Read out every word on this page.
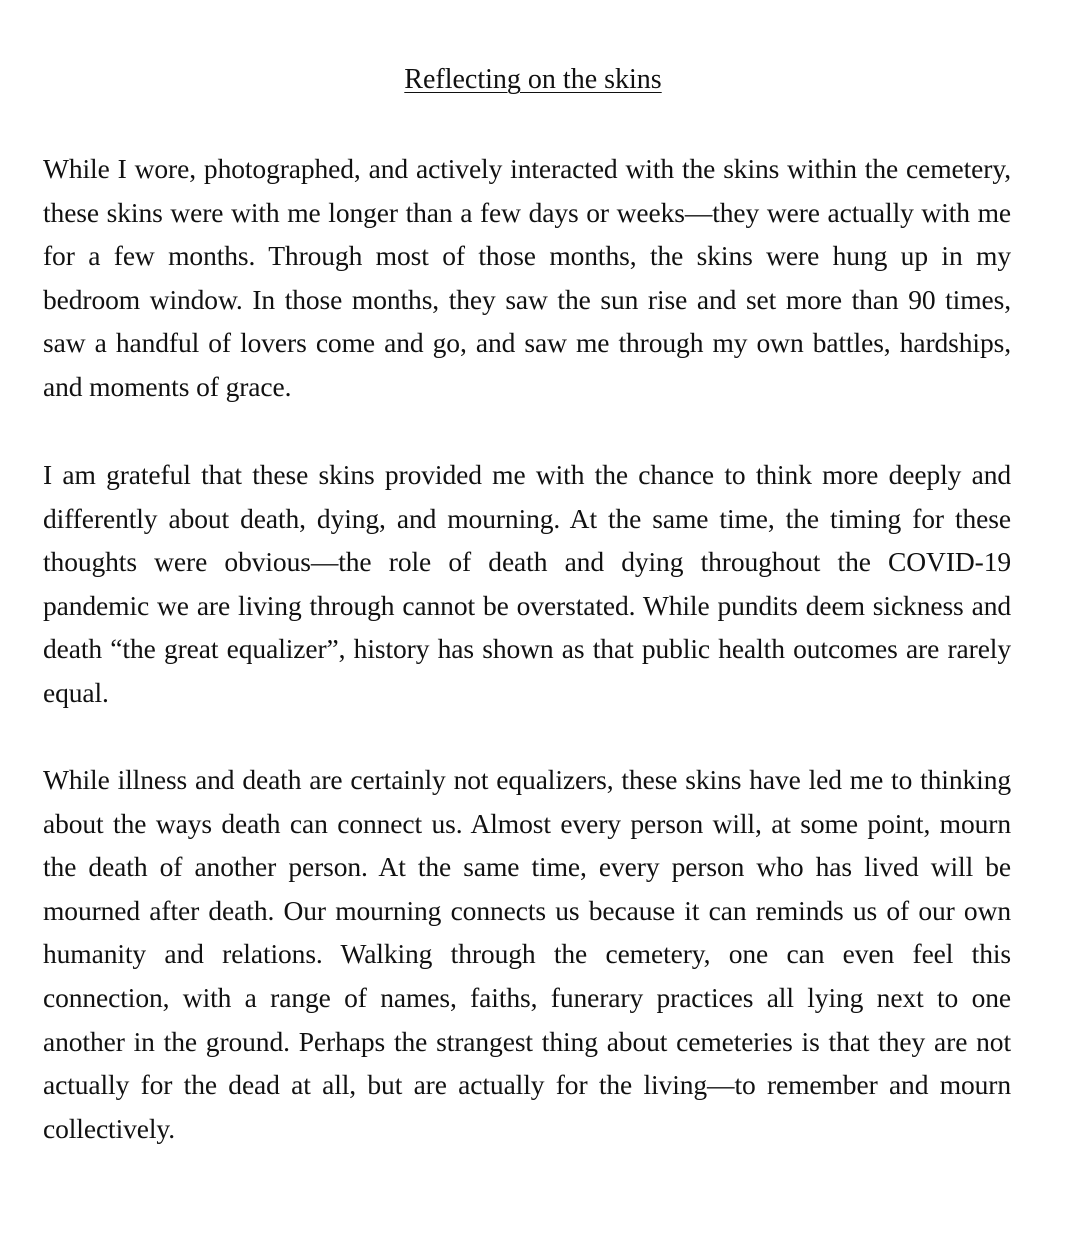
Reflecting on the skins

While I wore, photographed, and actively interacted with the skins within the cemetery, these skins were with me longer than a few days or weeks—they were actually with me for a few months. Through most of those months, the skins were hung up in my bedroom window. In those months, they saw the sun rise and set more than 90 times, saw a handful of lovers come and go, and saw me through my own battles, hardships, and moments of grace.

I am grateful that these skins provided me with the chance to think more deeply and differently about death, dying, and mourning. At the same time, the timing for these thoughts were obvious—the role of death and dying throughout the COVID-19 pandemic we are living through cannot be overstated. While pundits deem sickness and death “the great equalizer”, history has shown as that public health outcomes are rarely equal.

While illness and death are certainly not equalizers, these skins have led me to thinking about the ways death can connect us. Almost every person will, at some point, mourn the death of another person. At the same time, every person who has lived will be mourned after death. Our mourning connects us because it can reminds us of our own humanity and relations. Walking through the cemetery, one can even feel this connection, with a range of names, faiths, funerary practices all lying next to one another in the ground. Perhaps the strangest thing about cemeteries is that they are not actually for the dead at all, but are actually for the living—to remember and mourn collectively.
